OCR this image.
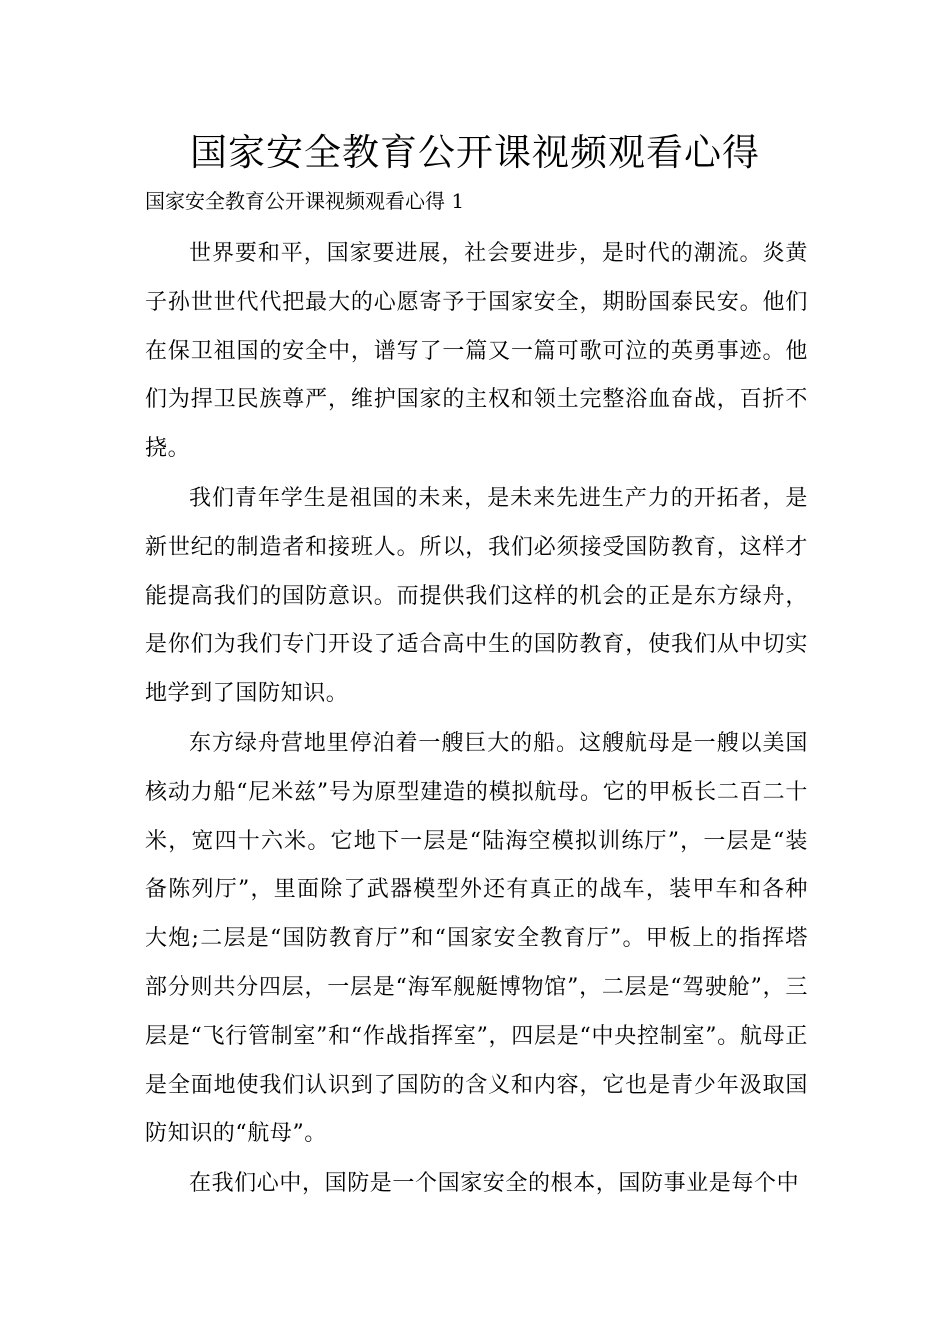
国家安全教育公开课视频观看心得

国家安全教育公开课视频观看心得 1

世界要和平，国家要进展，社会要进步，是时代的潮流。炎黄子孙世世代代把最大的心愿寄予于国家安全，期盼国泰民安。他们在保卫祖国的安全中，谱写了一篇又一篇可歌可泣的英勇事迹。他们为捍卫民族尊严，维护国家的主权和领土完整浴血奋战，百折不挠。

我们青年学生是祖国的未来，是未来先进生产力的开拓者，是新世纪的制造者和接班人。所以，我们必须接受国防教育，这样才能提高我们的国防意识。而提供我们这样的机会的正是东方绿舟，是你们为我们专门开设了适合高中生的国防教育，使我们从中切实地学到了国防知识。

东方绿舟营地里停泊着一艘巨大的船。这艘航母是一艘以美国核动力船“尼米兹”号为原型建造的模拟航母。它的甲板长二百二十米，宽四十六米。它地下一层是“陆海空模拟训练厅”，一层是“装备陈列厅”，里面除了武器模型外还有真正的战车，装甲车和各种大炮;二层是“国防教育厅”和“国家安全教育厅”。甲板上的指挥塔部分则共分四层，一层是“海军舰艇博物馆”，二层是“驾驶舱”，三层是“飞行管制室”和“作战指挥室”，四层是“中央控制室”。航母正是全面地使我们认识到了国防的含义和内容，它也是青少年汲取国防知识的“航母”。

在我们心中，国防是一个国家安全的根本，国防事业是每个中
